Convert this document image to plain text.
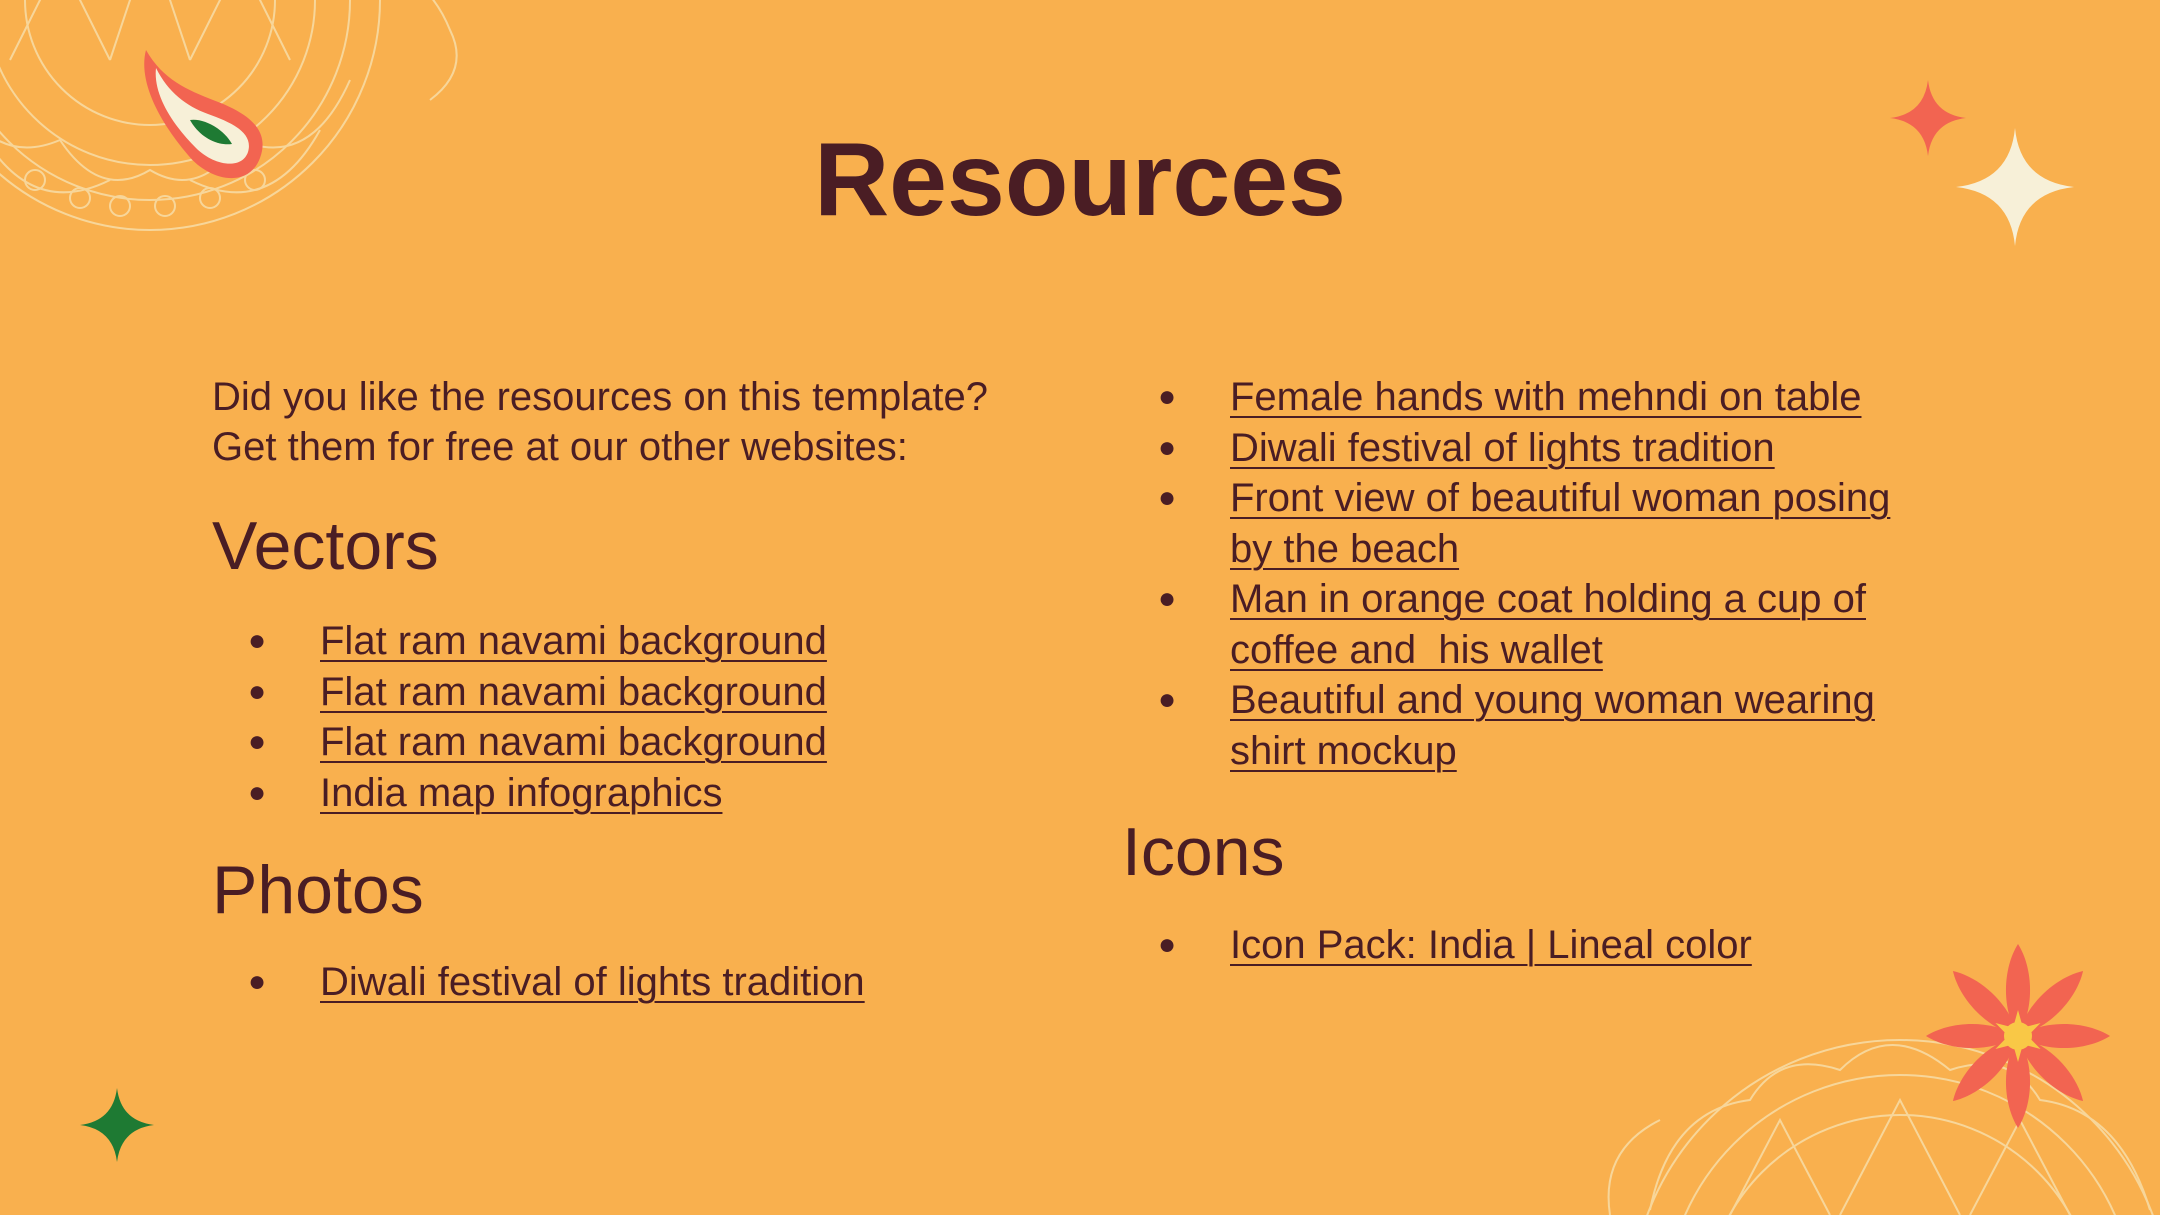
Resources

Did you like the resources on this template?
Get them for free at our other websites:

Vectors
● Flat ram navami background
● Flat ram navami background
● Flat ram navami background
● India map infographics
Photos
● Diwali festival of lights tradition
● Female hands with mehndi on table
● Diwali festival of lights tradition
● Front view of beautiful woman posing
by the beach
● Man in orange coat holding a cup of
coffee and  his wallet
● Beautiful and young woman wearing
shirt mockup
Icons
● Icon Pack: India | Lineal color
